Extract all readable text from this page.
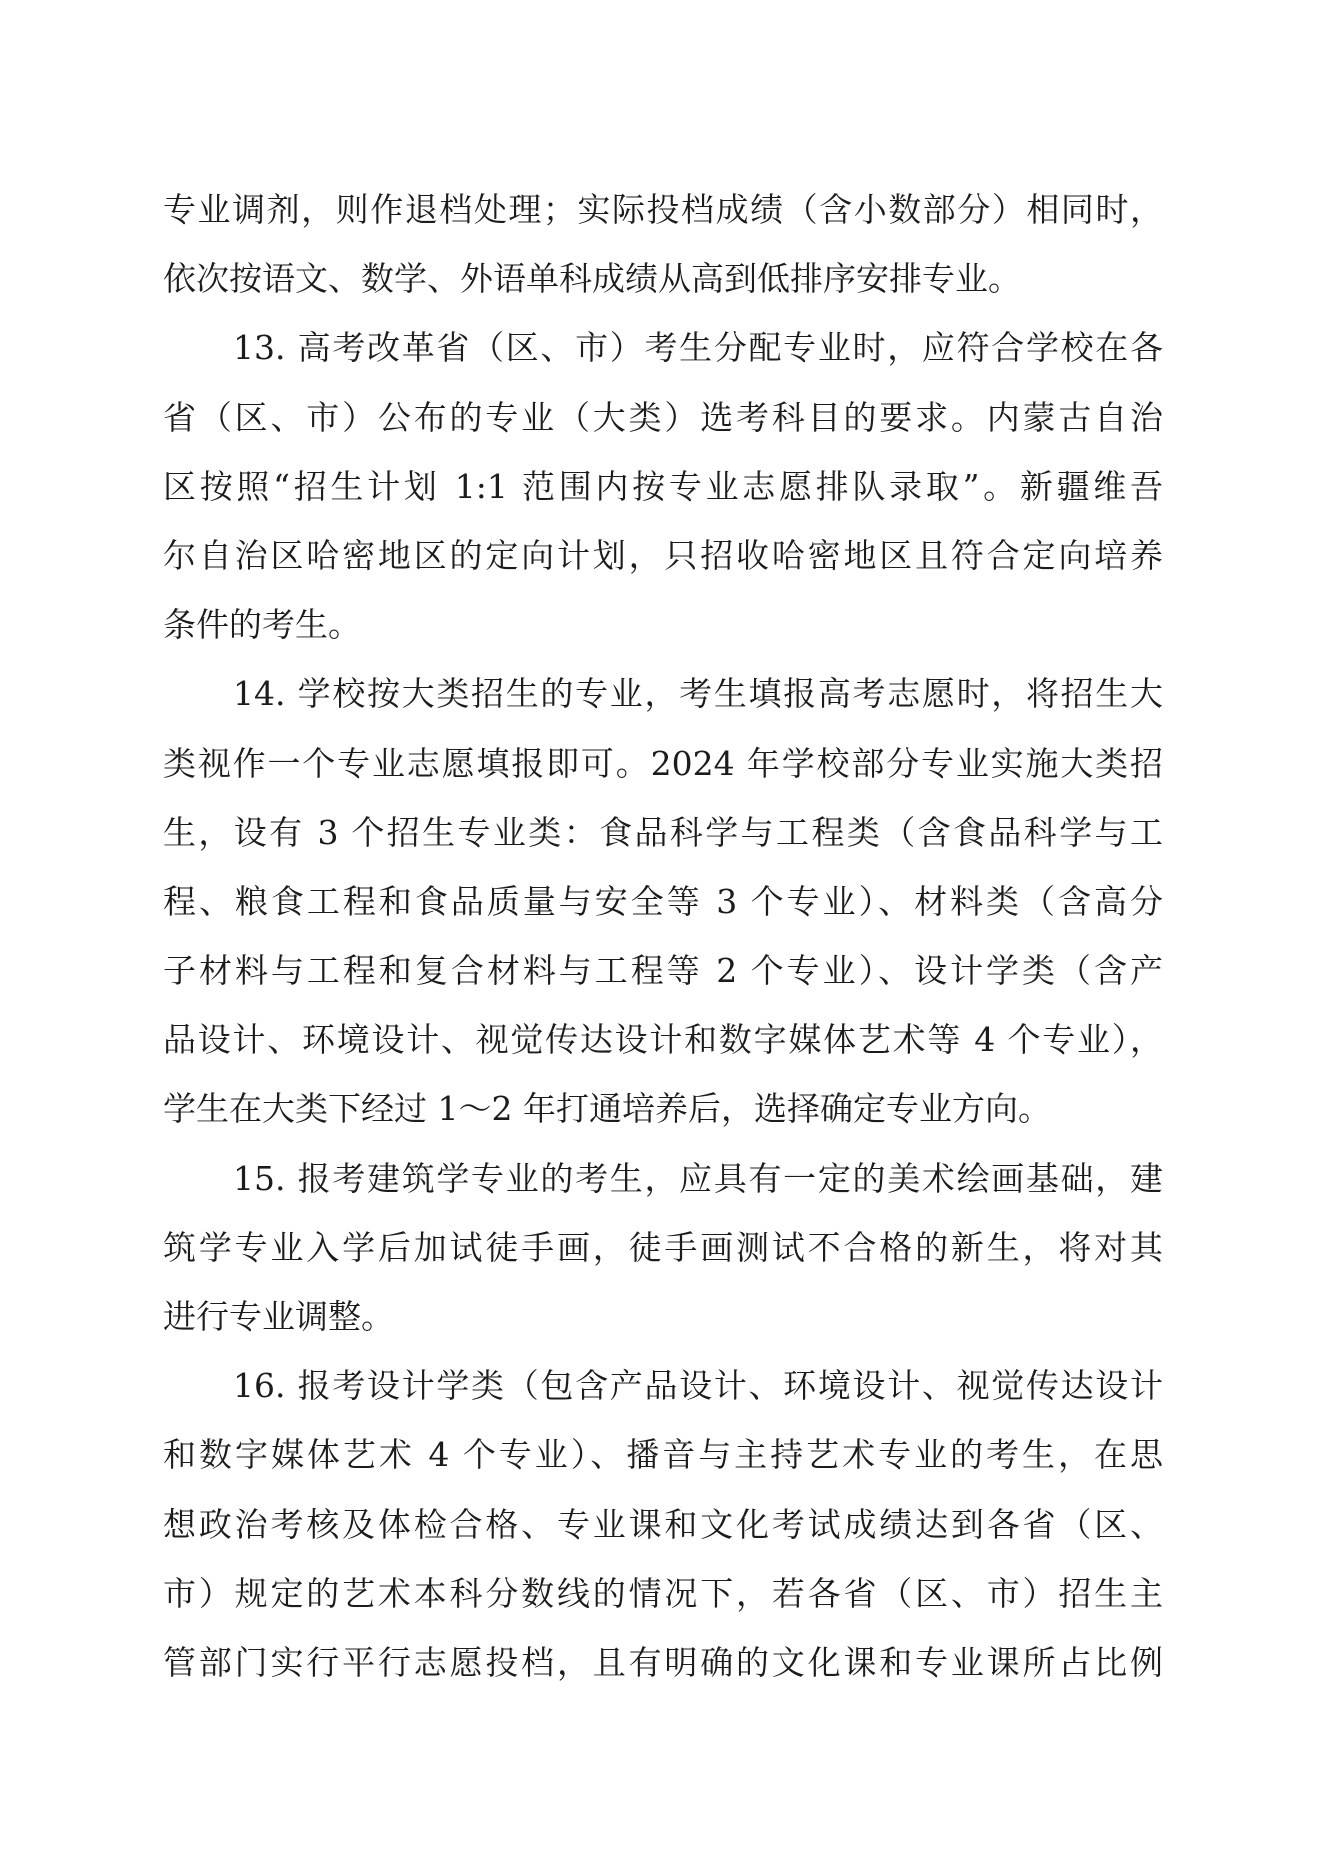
专业调剂，则作退档处理；实际投档成绩（含小数部分）相同时，
依次按语文、数学、外语单科成绩从高到低排序安排专业。
13. 高考改革省（区、市）考生分配专业时，应符合学校在各
省（区、市）公布的专业（大类）选考科目的要求。内蒙古自治
区按照“招生计划 1:1 范围内按专业志愿排队录取”。新疆维吾
尔自治区哈密地区的定向计划，只招收哈密地区且符合定向培养
条件的考生。
14. 学校按大类招生的专业，考生填报高考志愿时，将招生大
类视作一个专业志愿填报即可。2024 年学校部分专业实施大类招
生，设有 3 个招生专业类：食品科学与工程类（含食品科学与工
程、粮食工程和食品质量与安全等 3 个专业）、材料类（含高分
子材料与工程和复合材料与工程等 2 个专业）、设计学类（含产
品设计、环境设计、视觉传达设计和数字媒体艺术等 4 个专业），
学生在大类下经过 1～2 年打通培养后，选择确定专业方向。
15. 报考建筑学专业的考生，应具有一定的美术绘画基础，建
筑学专业入学后加试徒手画，徒手画测试不合格的新生，将对其
进行专业调整。
16. 报考设计学类（包含产品设计、环境设计、视觉传达设计
和数字媒体艺术 4 个专业）、播音与主持艺术专业的考生，在思
想政治考核及体检合格、专业课和文化考试成绩达到各省（区、
市）规定的艺术本科分数线的情况下，若各省（区、市）招生主
管部门实行平行志愿投档，且有明确的文化课和专业课所占比例
